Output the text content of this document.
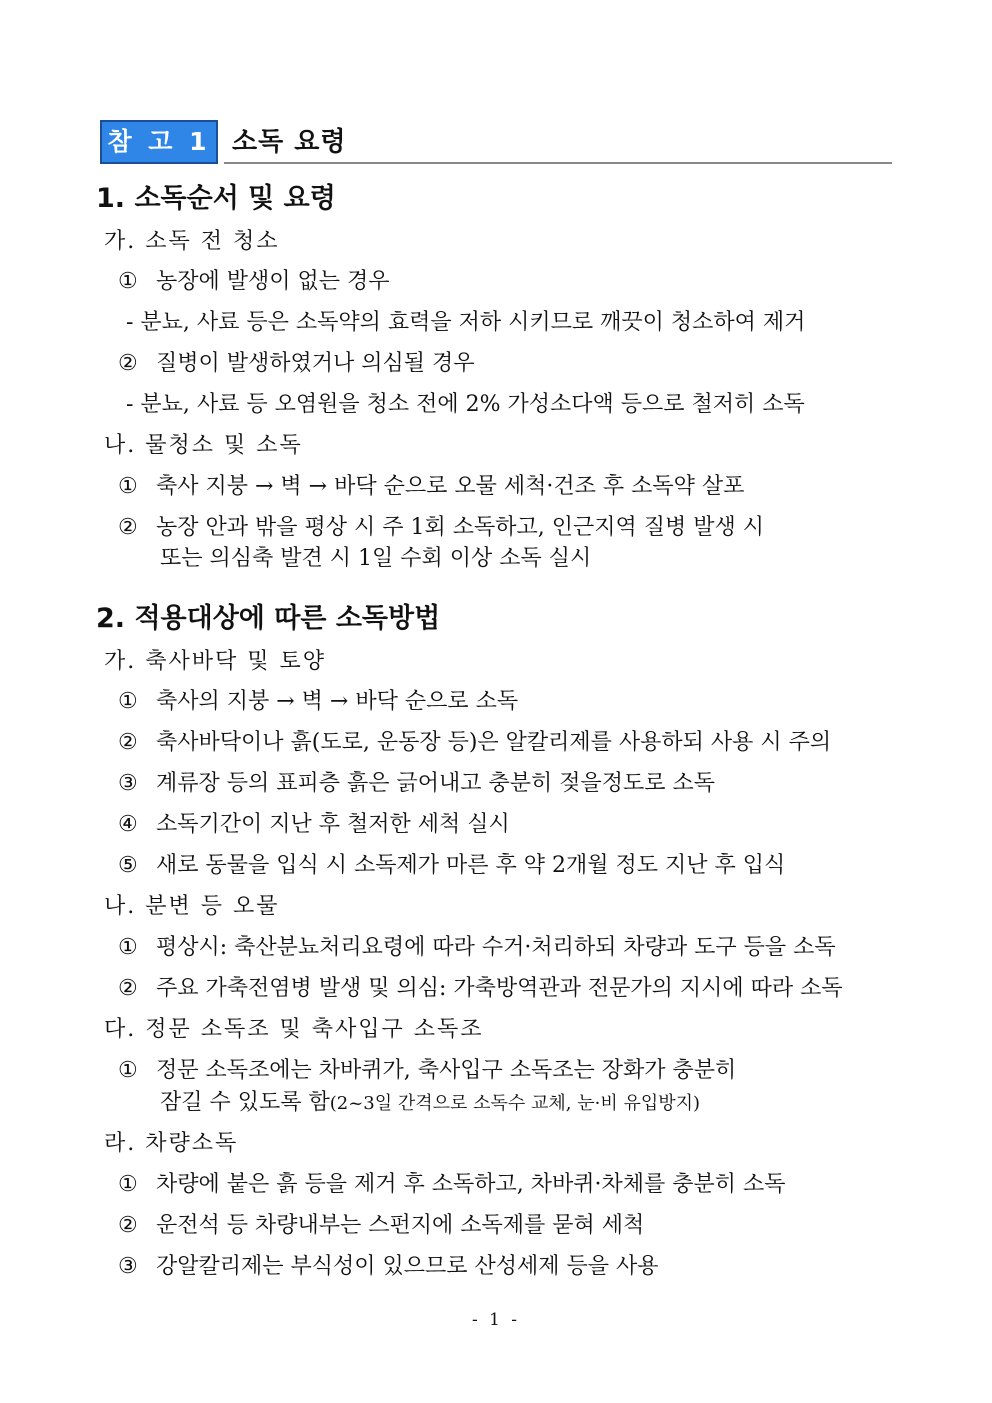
참 고 1 소독 요령
1. 소독순서 및 요령
가. 소독 전 청소
① 농장에 발생이 없는 경우
- 분뇨, 사료 등은 소독약의 효력을 저하 시키므로 깨끗이 청소하여 제거
② 질병이 발생하였거나 의심될 경우
- 분뇨, 사료 등 오염원을 청소 전에 2% 가성소다액 등으로 철저히 소독
나. 물청소 및 소독
① 축사 지붕 → 벽 → 바닥 순으로 오물 세척·건조 후 소독약 살포
② 농장 안과 밖을 평상 시 주 1회 소독하고, 인근지역 질병 발생 시
또는 의심축 발견 시 1일 수회 이상 소독 실시
2. 적용대상에 따른 소독방법
가. 축사바닥 및 토양
① 축사의 지붕 → 벽 → 바닥 순으로 소독
② 축사바닥이나 흙(도로, 운동장 등)은 알칼리제를 사용하되 사용 시 주의
③ 계류장 등의 표피층 흙은 긁어내고 충분히 젖을정도로 소독
④ 소독기간이 지난 후 철저한 세척 실시
⑤ 새로 동물을 입식 시 소독제가 마른 후 약 2개월 정도 지난 후 입식
나. 분변 등 오물
① 평상시: 축산분뇨처리요령에 따라 수거·처리하되 차량과 도구 등을 소독
② 주요 가축전염병 발생 및 의심: 가축방역관과 전문가의 지시에 따라 소독
다. 정문 소독조 및 축사입구 소독조
① 정문 소독조에는 차바퀴가, 축사입구 소독조는 장화가 충분히
잠길 수 있도록 함(2~3일 간격으로 소독수 교체, 눈·비 유입방지)
라. 차량소독
① 차량에 붙은 흙 등을 제거 후 소독하고, 차바퀴·차체를 충분히 소독
② 운전석 등 차량내부는 스펀지에 소독제를 묻혀 세척
③ 강알칼리제는 부식성이 있으므로 산성세제 등을 사용
- 1 -
